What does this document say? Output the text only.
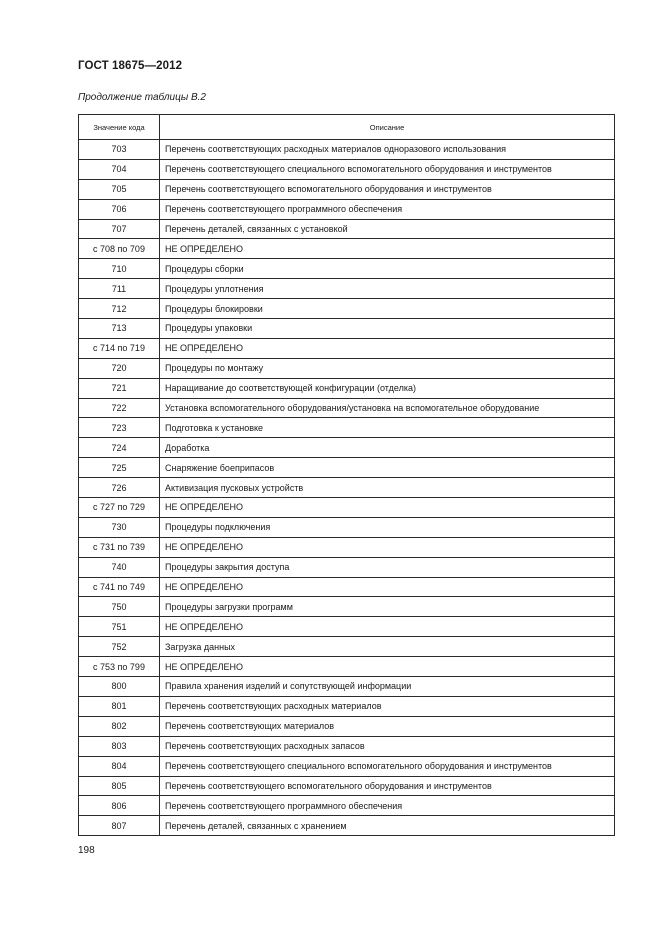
ГОСТ 18675—2012
Продолжение таблицы В.2
Значение кода	Описание
703	Перечень соответствующих расходных материалов одноразового использования
704	Перечень соответствующего специального вспомогательного оборудования и инструментов
705	Перечень соответствующего вспомогательного оборудования и инструментов
706	Перечень соответствующего программного обеспечения
707	Перечень деталей, связанных с установкой
с 708 по 709	НЕ ОПРЕДЕЛЕНО
710	Процедуры сборки
711	Процедуры уплотнения
712	Процедуры блокировки
713	Процедуры упаковки
с 714 по 719	НЕ ОПРЕДЕЛЕНО
720	Процедуры по монтажу
721	Наращивание до соответствующей конфигурации (отделка)
722	Установка вспомогательного оборудования/установка на вспомогательное оборудование
723	Подготовка к установке
724	Доработка
725	Снаряжение боеприпасов
726	Активизация пусковых устройств
с 727 по 729	НЕ ОПРЕДЕЛЕНО
730	Процедуры подключения
с 731 по 739	НЕ ОПРЕДЕЛЕНО
740	Процедуры закрытия доступа
с 741 по 749	НЕ ОПРЕДЕЛЕНО
750	Процедуры загрузки программ
751	НЕ ОПРЕДЕЛЕНО
752	Загрузка данных
с 753 по 799	НЕ ОПРЕДЕЛЕНО
800	Правила хранения изделий и сопутствующей информации
801	Перечень соответствующих расходных материалов
802	Перечень соответствующих материалов
803	Перечень соответствующих расходных запасов
804	Перечень соответствующего специального вспомогательного оборудования и инструментов
805	Перечень соответствующего вспомогательного оборудования и инструментов
806	Перечень соответствующего программного обеспечения
807	Перечень деталей, связанных с хранением
198
